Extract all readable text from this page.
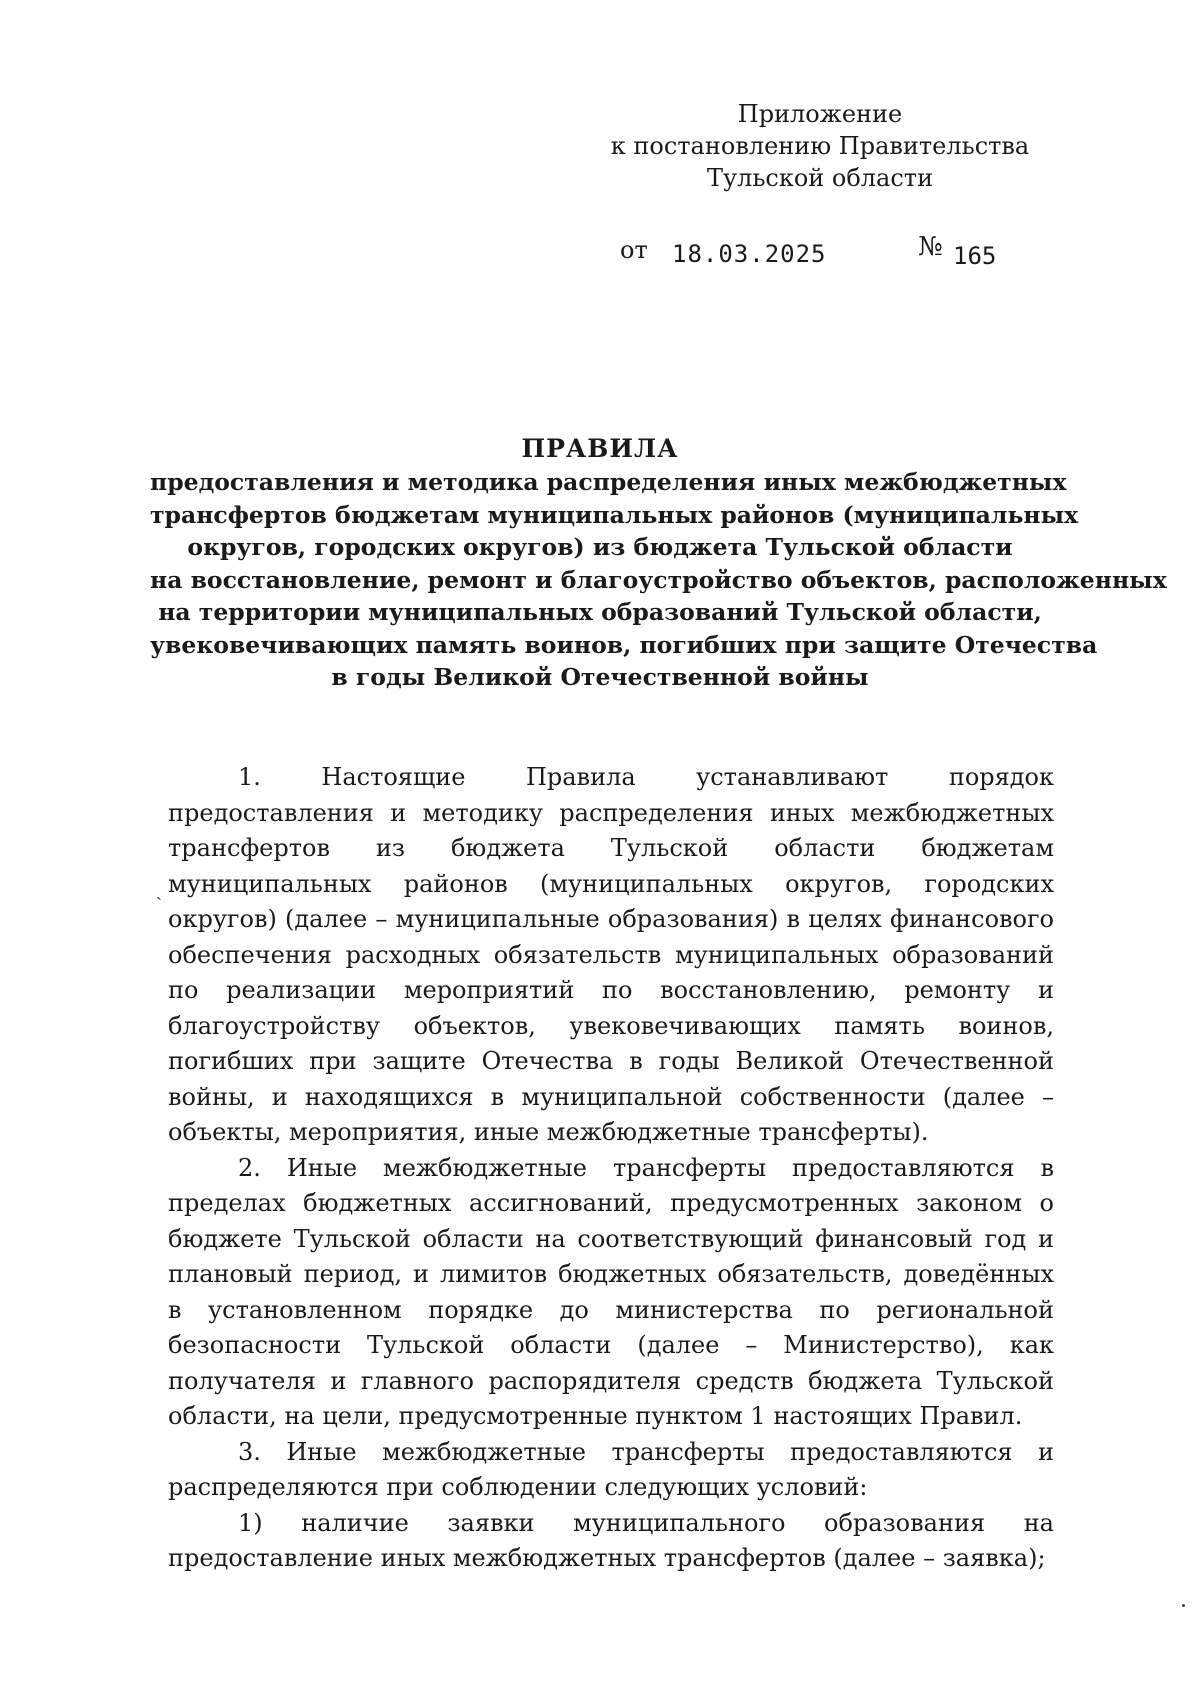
Приложение
к постановлению Правительства
Тульской области
от 18.03.2025	№ 165
ПРАВИЛА
предоставления и методика распределения иных межбюджетных
трансфертов бюджетам муниципальных районов (муниципальных
округов, городских округов) из бюджета Тульской области
на восстановление, ремонт и благоустройство объектов, расположенных
на территории муниципальных образований Тульской области,
увековечивающих память воинов, погибших при защите Отечества
в годы Великой Отечественной войны
ˏ

1. Настоящие Правила устанавливают порядок предоставления и методику распределения иных межбюджетных трансфертов из бюджета Тульской области бюджетам муниципальных районов (муниципальных округов, городских округов) (далее – муниципальные образования) в целях финансового обеспечения расходных обязательств муниципальных образований по реализации мероприятий по восстановлению, ремонту и благоустройству объектов, увековечивающих память воинов, погибших при защите Отечества в годы Великой Отечественной войны, и находящихся в муниципальной собственности (далее – объекты, мероприятия, иные межбюджетные трансферты).

2. Иные межбюджетные трансферты предоставляются в пределах бюджетных ассигнований, предусмотренных законом о бюджете Тульской области на соответствующий финансовый год и плановый период, и лимитов бюджетных обязательств, доведённых в установленном порядке до министерства по региональной безопасности Тульской области (далее – Министерство), как получателя и главного распорядителя средств бюджета Тульской области, на цели, предусмотренные пунктом 1 настоящих Правил.

3. Иные межбюджетные трансферты предоставляются и распределяются при соблюдении следующих условий:

1) наличие заявки муниципального образования на предоставление иных межбюджетных трансфертов (далее – заявка);
